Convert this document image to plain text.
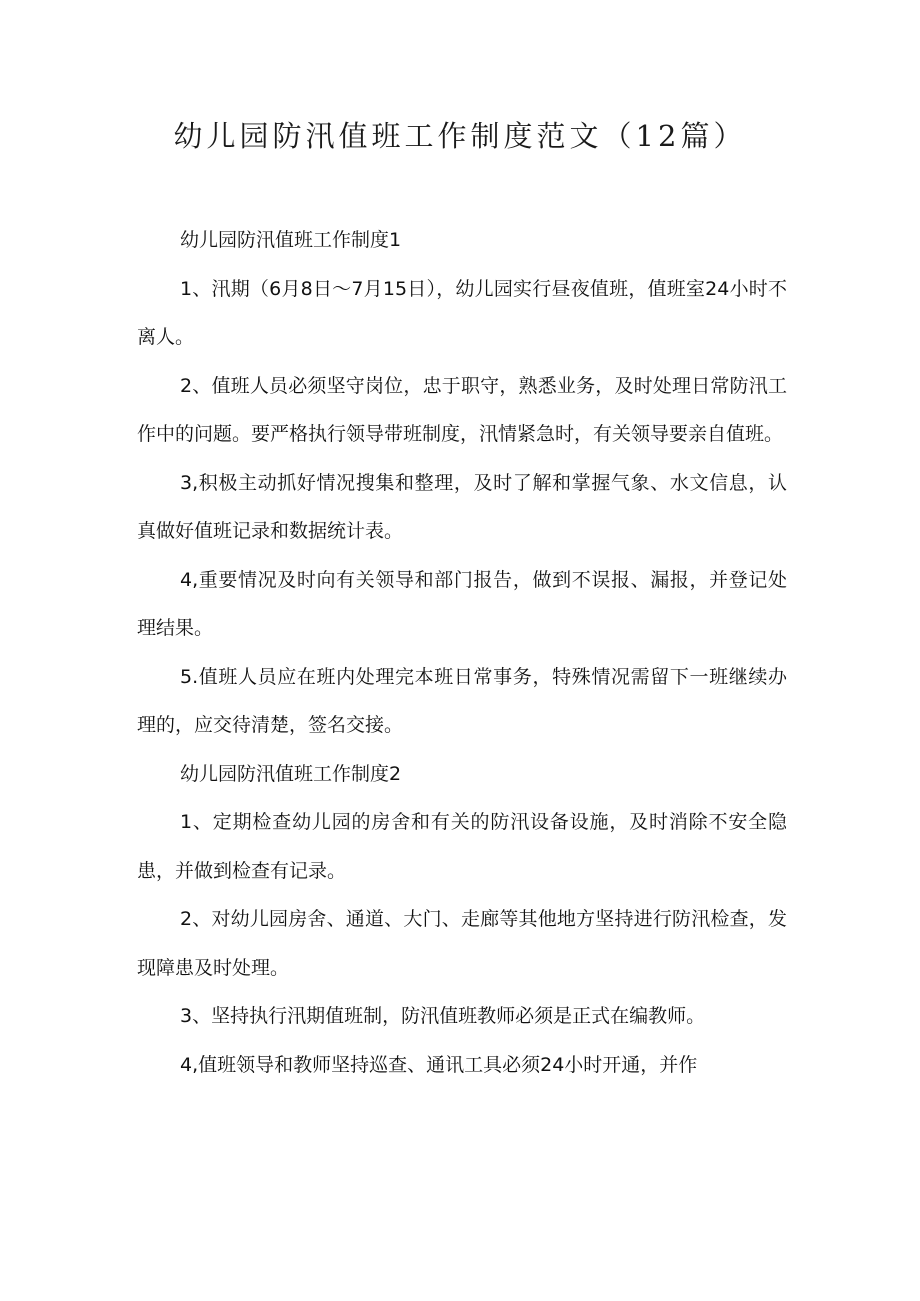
幼儿园防汛值班工作制度范文（12篇）

幼儿园防汛值班工作制度1

1、汛期（6月8日〜7月15日），幼儿园实行昼夜值班，值班室24小时不离人。

2、值班人员必须坚守岗位，忠于职守，熟悉业务，及时处理日常防汛工作中的问题。要严格执行领导带班制度，汛情紧急时，有关领导要亲自值班。

3,积极主动抓好情况搜集和整理，及时了解和掌握气象、水文信息，认真做好值班记录和数据统计表。

4,重要情况及时向有关领导和部门报告，做到不误报、漏报，并登记处理结果。

5.值班人员应在班内处理完本班日常事务，特殊情况需留下一班继续办理的，应交待清楚，签名交接。

幼儿园防汛值班工作制度2

1、定期检查幼儿园的房舍和有关的防汛设备设施，及时消除不安全隐患，并做到检查有记录。

2、对幼儿园房舍、通道、大门、走廊等其他地方坚持进行防汛检查，发现障患及时处理。

3、坚持执行汛期值班制，防汛值班教师必须是正式在编教师。

4,值班领导和教师坚持巡查、通讯工具必须24小时开通，并作
